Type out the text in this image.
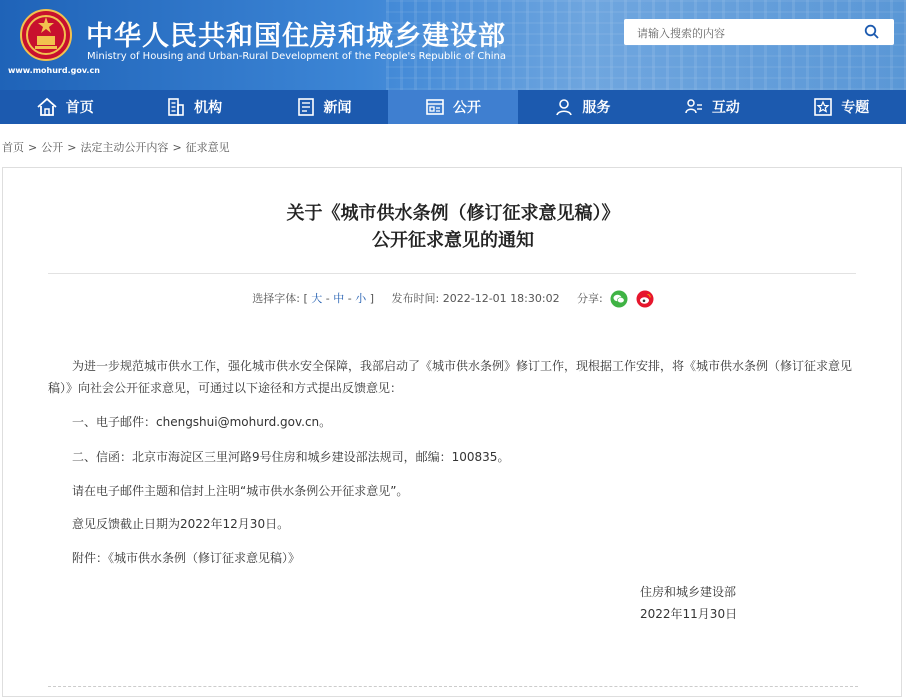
中华人民共和国住房和城乡建设部
Ministry of Housing and Urban-Rural Development of the People's Republic of China
www.mohurd.gov.cn
请输入搜索的内容
首页	机构	新闻	公开	服务	互动	专题
首页 > 公开 > 法定主动公开内容 > 征求意见
关于《城市供水条例（修订征求意见稿）》
公开征求意见的通知
选择字体: [ 大 - 中 - 小 ] 发布时间: 2022-12-01 18:30:02 分享:
为进一步规范城市供水工作，强化城市供水安全保障，我部启动了《城市供水条例》修订工作，现根据工作安排，将《城市供水条例（修订征求意见稿）》向社会公开征求意见，可通过以下途径和方式提出反馈意见：
一、电子邮件：chengshui@mohurd.gov.cn。
二、信函：北京市海淀区三里河路9号住房和城乡建设部法规司，邮编：100835。
请在电子邮件主题和信封上注明“城市供水条例公开征求意见”。
意见反馈截止日期为2022年12月30日。
附件：《城市供水条例（修订征求意见稿）》
住房和城乡建设部
2022年11月30日
